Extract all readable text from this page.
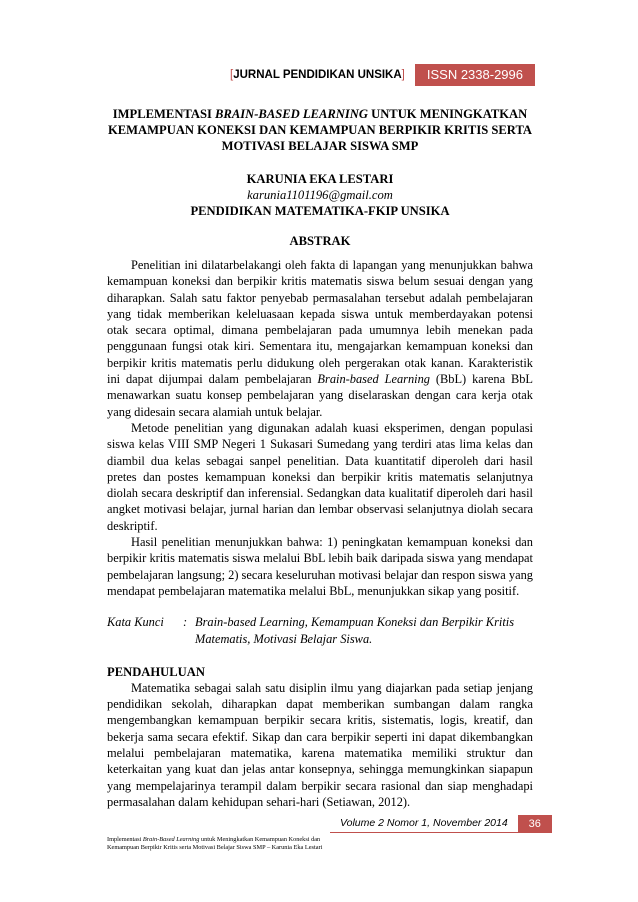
[JURNAL PENDIDIKAN UNSIKA]	ISSN 2338-2996

IMPLEMENTASI BRAIN-BASED LEARNING UNTUK MENINGKATKAN KEMAMPUAN KONEKSI DAN KEMAMPUAN BERPIKIR KRITIS SERTA MOTIVASI BELAJAR SISWA SMP

KARUNIA EKA LESTARI
karunia1101196@gmail.com
PENDIDIKAN MATEMATIKA-FKIP UNSIKA
ABSTRAK

Penelitian ini dilatarbelakangi oleh fakta di lapangan yang menunjukkan bahwa kemampuan koneksi dan berpikir kritis matematis siswa belum sesuai dengan yang diharapkan. Salah satu faktor penyebab permasalahan tersebut adalah pembelajaran yang tidak memberikan keleluasaan kepada siswa untuk memberdayakan potensi otak secara optimal, dimana pembelajaran pada umumnya lebih menekan pada penggunaan fungsi otak kiri. Sementara itu, mengajarkan kemampuan koneksi dan berpikir kritis matematis perlu didukung oleh pergerakan otak kanan. Karakteristik ini dapat dijumpai dalam pembelajaran Brain-based Learning (BbL) karena BbL menawarkan suatu konsep pembelajaran yang diselaraskan dengan cara kerja otak yang didesain secara alamiah untuk belajar.

Metode penelitian yang digunakan adalah kuasi eksperimen, dengan populasi siswa kelas VIII SMP Negeri 1 Sukasari Sumedang yang terdiri atas lima kelas dan diambil dua kelas sebagai sanpel penelitian. Data kuantitatif diperoleh dari hasil pretes dan postes kemampuan koneksi dan berpikir kritis matematis selanjutnya diolah secara deskriptif dan inferensial. Sedangkan data kualitatif diperoleh dari hasil angket motivasi belajar, jurnal harian dan lembar observasi selanjutnya diolah secara deskriptif.

Hasil penelitian menunjukkan bahwa: 1) peningkatan kemampuan koneksi dan berpikir kritis matematis siswa melalui BbL lebih baik daripada siswa yang mendapat pembelajaran langsung; 2) secara keseluruhan motivasi belajar dan respon siswa yang mendapat pembelajaran matematika melalui BbL, menunjukkan sikap yang positif.

Kata Kunci	: Brain-based Learning, Kemampuan Koneksi dan Berpikir Kritis Matematis, Motivasi Belajar Siswa.
PENDAHULUAN

Matematika sebagai salah satu disiplin ilmu yang diajarkan pada setiap jenjang pendidikan sekolah, diharapkan dapat memberikan sumbangan dalam rangka mengembangkan kemampuan berpikir secara kritis, sistematis, logis, kreatif, dan bekerja sama secara efektif. Sikap dan cara berpikir seperti ini dapat dikembangkan melalui pembelajaran matematika, karena matematika memiliki struktur dan keterkaitan yang kuat dan jelas antar konsepnya, sehingga memungkinkan siapapun yang mempelajarinya terampil dalam berpikir secara rasional dan siap menghadapi permasalahan dalam kehidupan sehari-hari (Setiawan, 2012).

Volume 2 Nomor 1, November 2014	36
Implementasi Brain-Based Learning untuk Meningkatkan Kemampuan Koneksi dan Kemampuan Berpikir Kritis serta Motivasi Belajar Siswa SMP – Karunia Eka Lestari
